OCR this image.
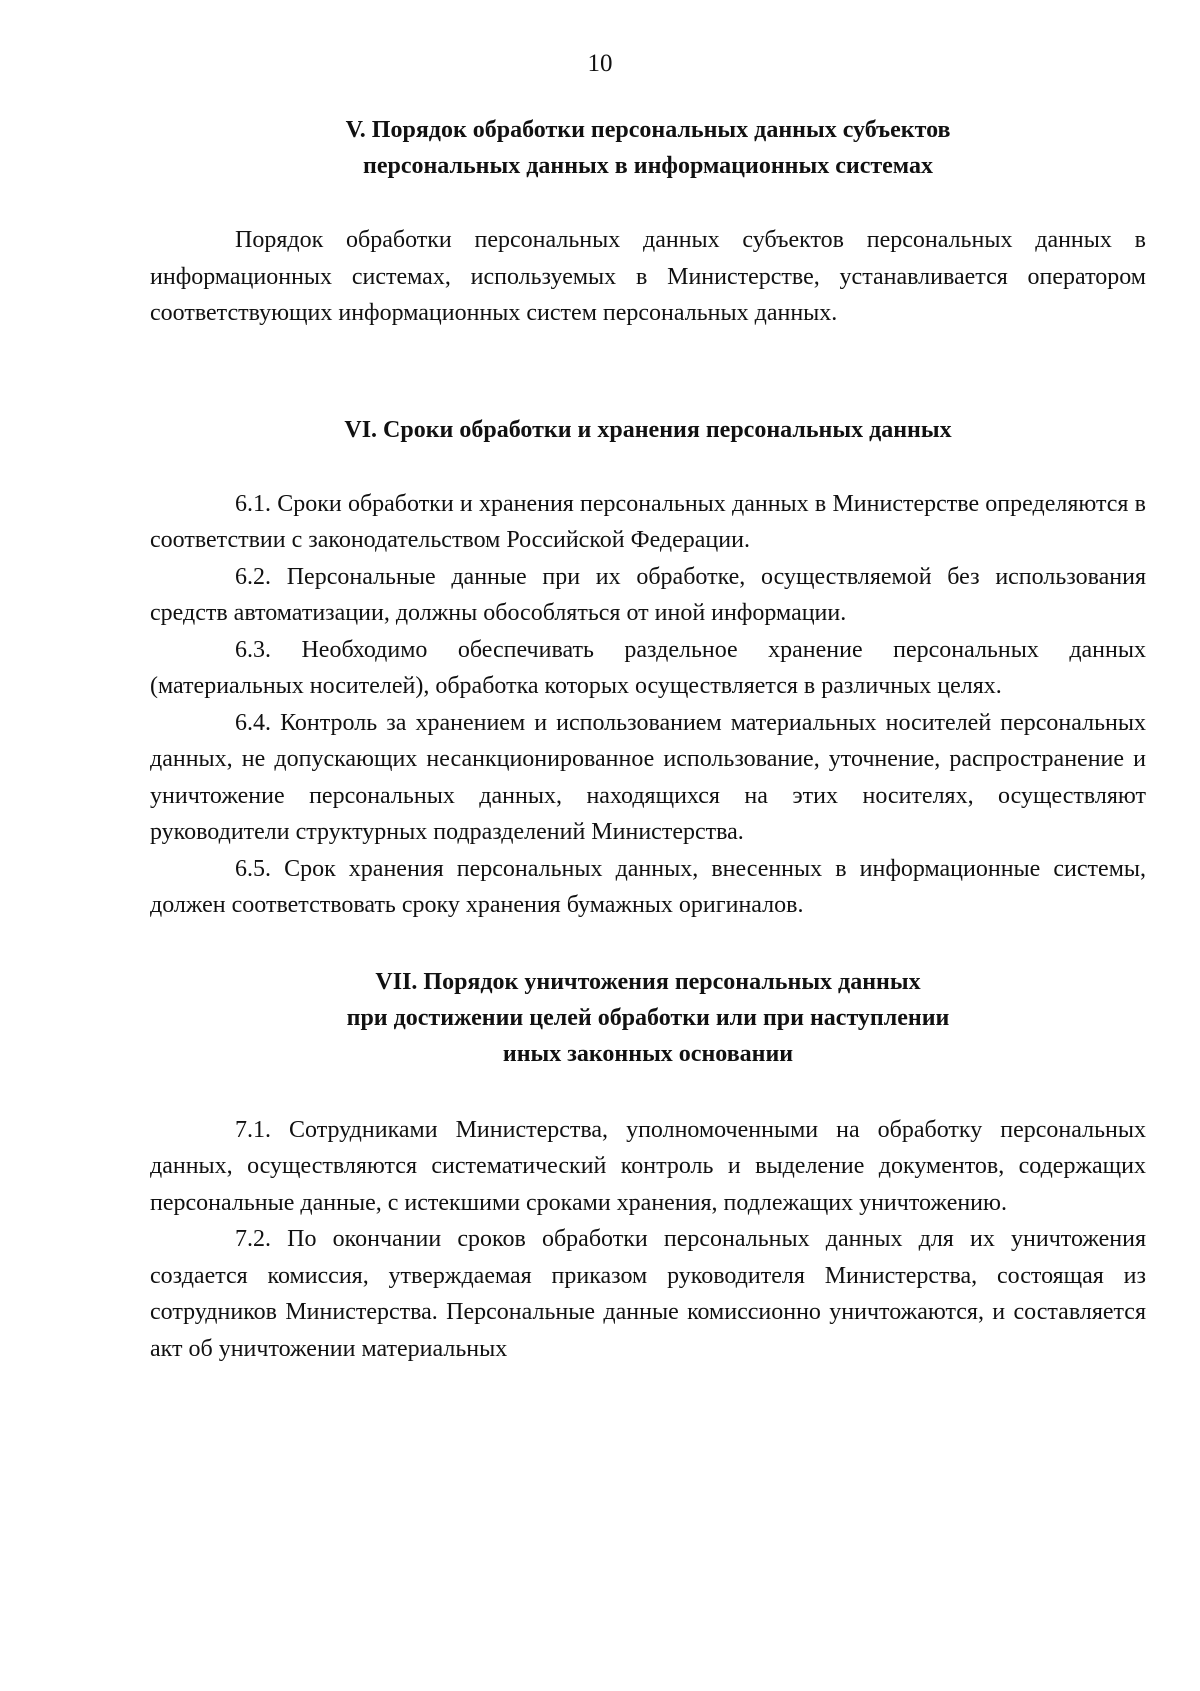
10
V. Порядок обработки персональных данных субъектов
персональных данных в информационных системах

Порядок обработки персональных данных субъектов персональных данных в информационных системах, используемых в Министерстве, устанавливается оператором соответствующих информационных систем персональных данных.

VI. Сроки обработки и хранения персональных данных

6.1. Сроки обработки и хранения персональных данных в Министерстве определяются в соответствии с законодательством Российской Федерации.

6.2. Персональные данные при их обработке, осуществляемой без использования средств автоматизации, должны обособляться от иной информации.

6.3. Необходимо обеспечивать раздельное хранение персональных данных (материальных носителей), обработка которых осуществляется в различных целях.

6.4. Контроль за хранением и использованием материальных носителей персональных данных, не допускающих несанкционированное использование, уточнение, распространение и уничтожение персональных данных, находящихся на этих носителях, осуществляют руководители структурных подразделений Министерства.

6.5. Срок хранения персональных данных, внесенных в информационные системы, должен соответствовать сроку хранения бумажных оригиналов.

VII. Порядок уничтожения персональных данных
при достижении целей обработки или при наступлении
иных законных основании

7.1. Сотрудниками Министерства, уполномоченными на обработку персональных данных, осуществляются систематический контроль и выделение документов, содержащих персональные данные, с истекшими сроками хранения, подлежащих уничтожению.

7.2. По окончании сроков обработки персональных данных для их уничтожения создается комиссия, утверждаемая приказом руководителя Министерства, состоящая из сотрудников Министерства. Персональные данные комиссионно уничтожаются, и составляется акт об уничтожении материальных
